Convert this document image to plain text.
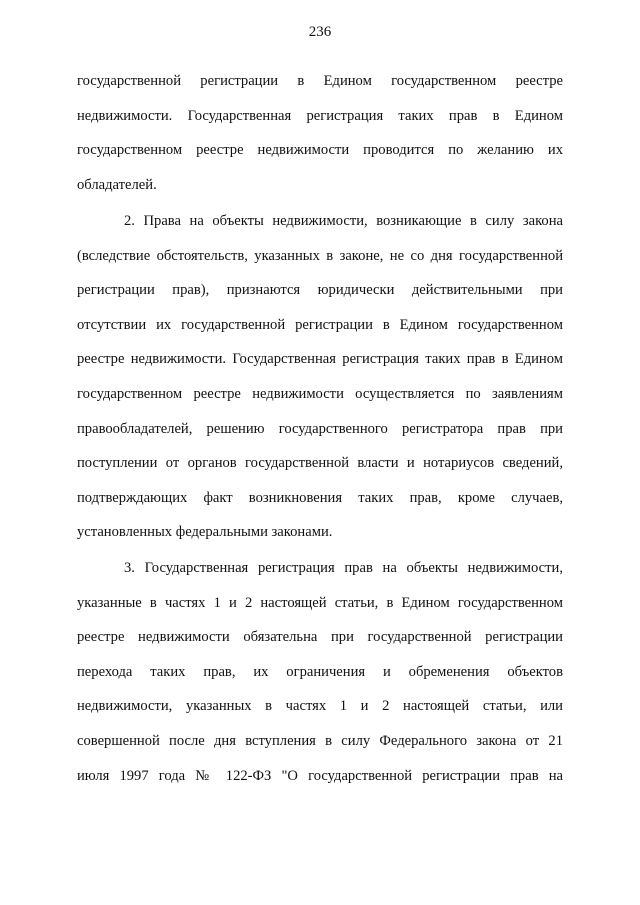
236
государственной регистрации в Едином государственном реестре
недвижимости. Государственная регистрация таких прав в Едином
государственном реестре недвижимости проводится по желанию их
обладателей.
2. Права на объекты недвижимости, возникающие в силу закона
(вследствие обстоятельств, указанных в законе, не со дня государственной
регистрации прав), признаются юридически действительными при
отсутствии их государственной регистрации в Едином государственном
реестре недвижимости. Государственная регистрация таких прав в Едином
государственном реестре недвижимости осуществляется по заявлениям
правообладателей, решению государственного регистратора прав при
поступлении от органов государственной власти и нотариусов сведений,
подтверждающих факт возникновения таких прав, кроме случаев,
установленных федеральными законами.
3. Государственная регистрация прав на объекты недвижимости,
указанные в частях 1 и 2 настоящей статьи, в Едином государственном
реестре недвижимости обязательна при государственной регистрации
перехода таких прав, их ограничения и обременения объектов
недвижимости, указанных в частях 1 и 2 настоящей статьи, или
совершенной после дня вступления в силу Федерального закона от 21
июля 1997 года № 122-ФЗ "О государственной регистрации прав на
